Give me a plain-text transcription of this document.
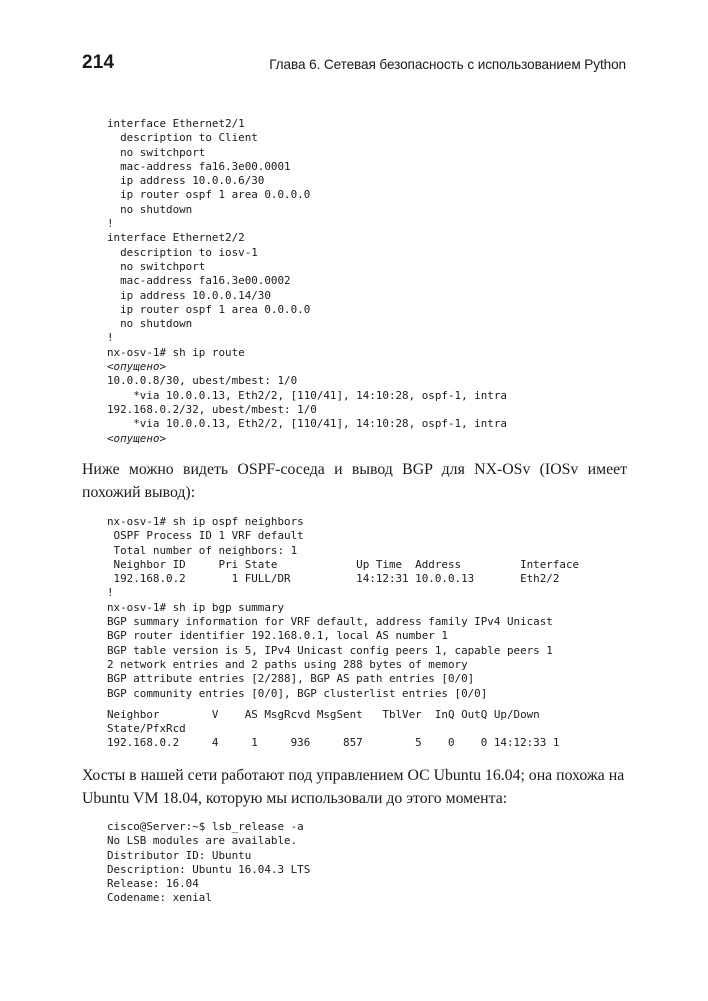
214	Глава 6. Сетевая безопасность с использованием Python
interface Ethernet2/1
description to Client
no switchport
mac-address fa16.3e00.0001
ip address 10.0.0.6/30
ip router ospf 1 area 0.0.0.0
no shutdown
!
interface Ethernet2/2
description to iosv-1
no switchport
mac-address fa16.3e00.0002
ip address 10.0.0.14/30
ip router ospf 1 area 0.0.0.0
no shutdown
!
nx-osv-1# sh ip route
<опущено>
10.0.0.8/30, ubest/mbest: 1/0
*via 10.0.0.13, Eth2/2, [110/41], 14:10:28, ospf-1, intra
192.168.0.2/32, ubest/mbest: 1/0
*via 10.0.0.13, Eth2/2, [110/41], 14:10:28, ospf-1, intra
<опущено>

Ниже можно видеть OSPF-соседа и вывод BGP для NX-OSv (IOSv имеет похожий вывод):

nx-osv-1# sh ip ospf neighbors
OSPF Process ID 1 VRF default
Total number of neighbors: 1
Neighbor ID     Pri State            Up Time  Address         Interface
192.168.0.2       1 FULL/DR          14:12:31 10.0.0.13       Eth2/2
!
nx-osv-1# sh ip bgp summary
BGP summary information for VRF default, address family IPv4 Unicast
BGP router identifier 192.168.0.1, local AS number 1
BGP table version is 5, IPv4 Unicast config peers 1, capable peers 1
2 network entries and 2 paths using 288 bytes of memory
BGP attribute entries [2/288], BGP AS path entries [0/0]
BGP community entries [0/0], BGP clusterlist entries [0/0]
Neighbor        V    AS MsgRcvd MsgSent   TblVer  InQ OutQ Up/Down
State/PfxRcd
192.168.0.2     4     1     936     857        5    0    0 14:12:33 1

Хосты в нашей сети работают под управлением ОС Ubuntu 16.04; она похожа на Ubuntu VM 18.04, которую мы использовали до этого момента:

cisco@Server:~$ lsb_release -a
No LSB modules are available.
Distributor ID: Ubuntu
Description: Ubuntu 16.04.3 LTS
Release: 16.04
Codename: xenial
